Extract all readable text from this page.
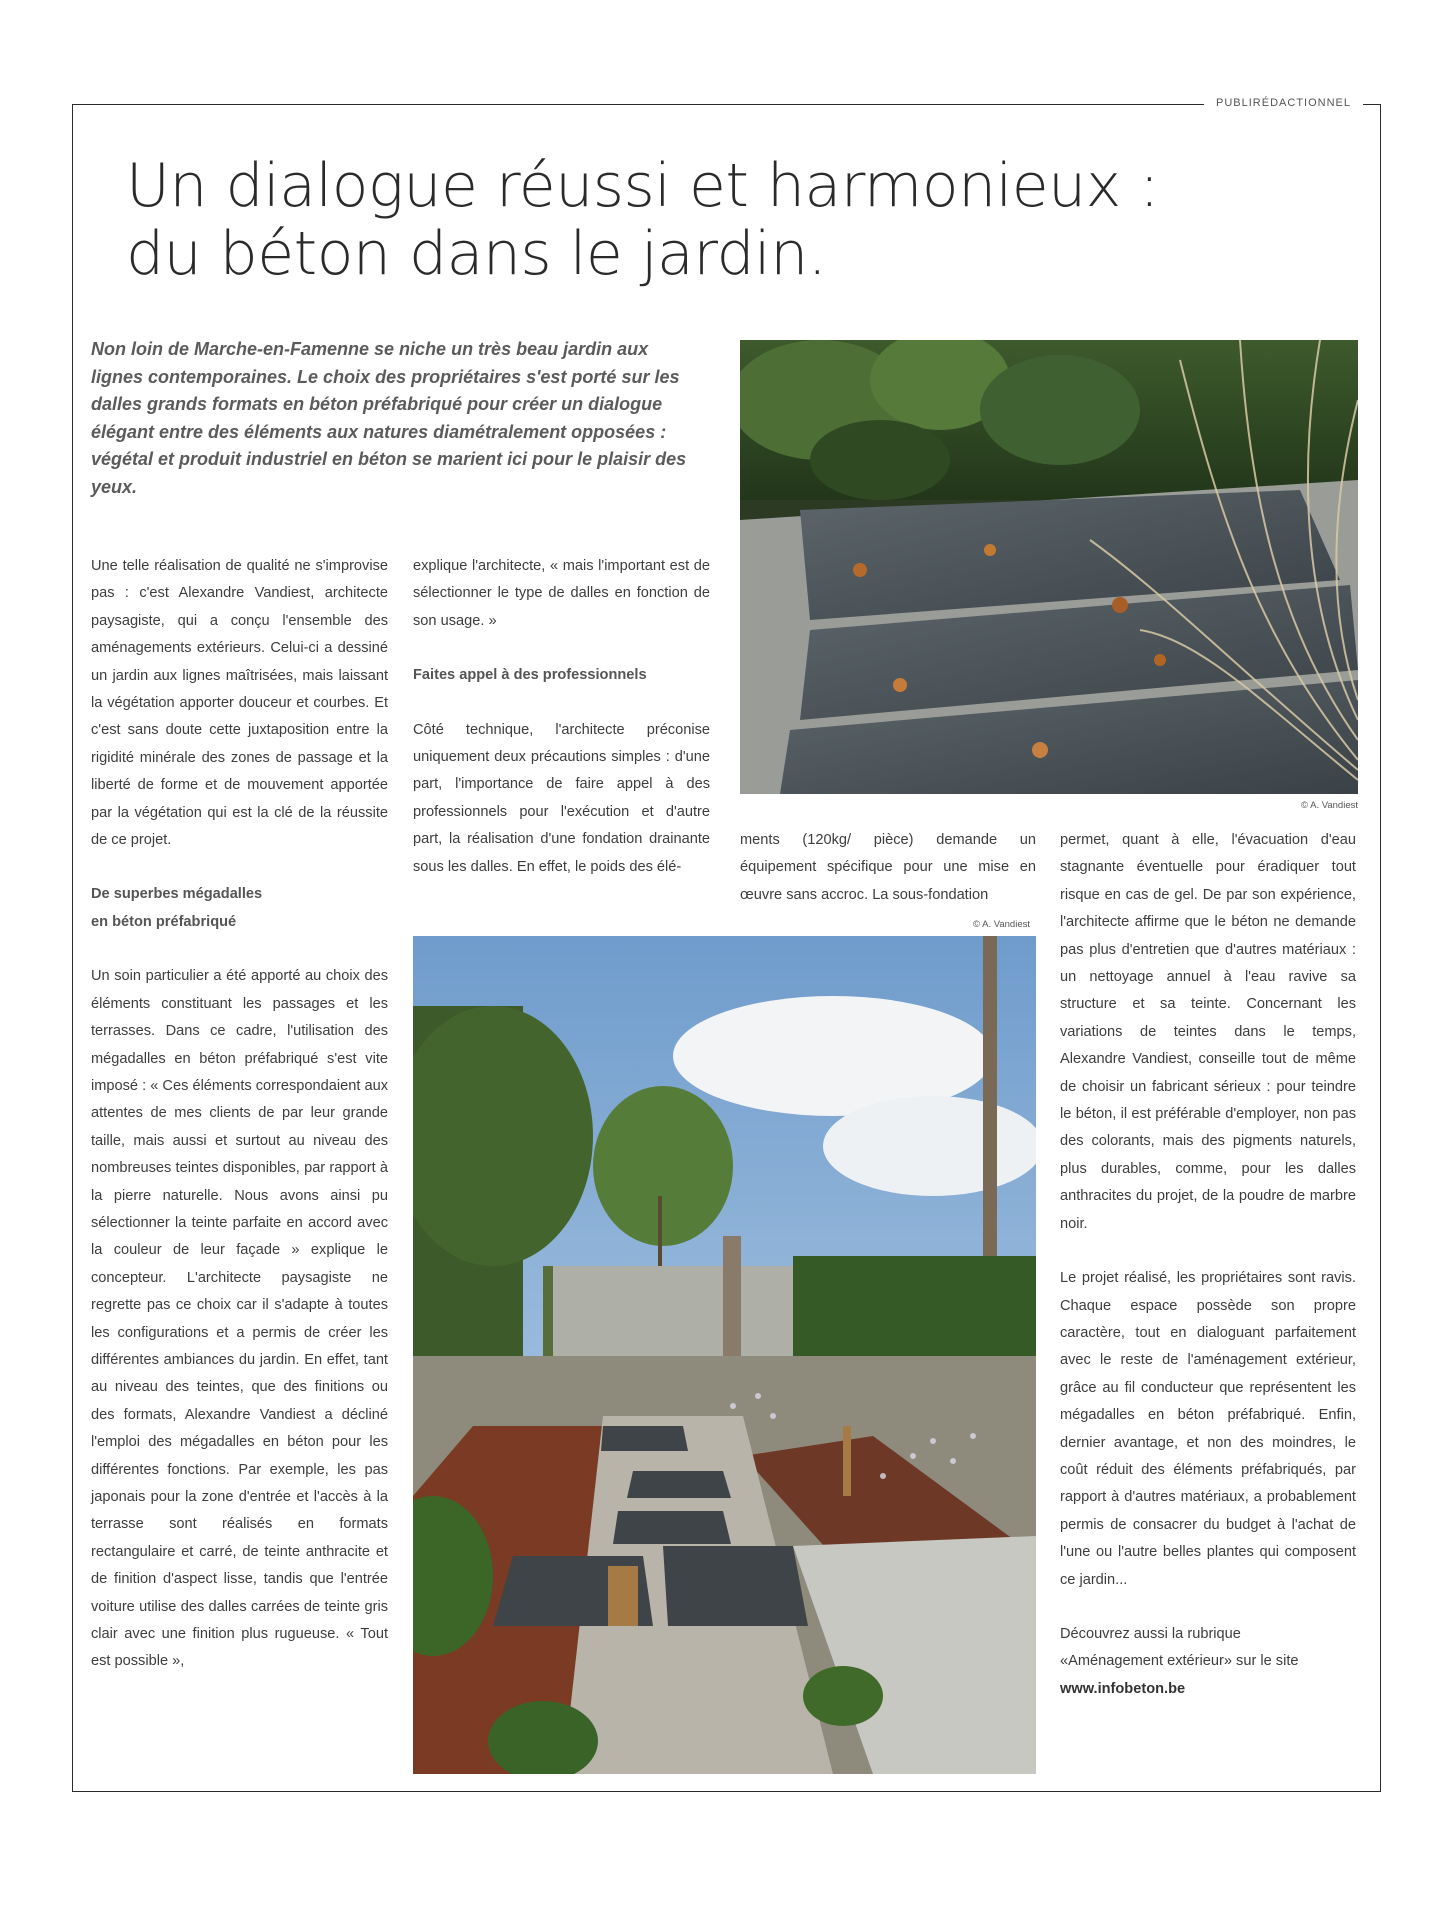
PUBLIRÉDACTIONNEL
Un dialogue réussi et harmonieux :
du béton dans le jardin.
Non loin de Marche-en-Famenne se niche un très beau jardin aux lignes contemporaines. Le choix des propriétaires s'est porté sur les dalles grands formats en béton préfabriqué pour créer un dialogue élégant entre des éléments aux natures diamétralement opposées : végétal et produit industriel en béton se marient ici pour le plaisir des yeux.
© A. Vandiest
© A. Vandiest

Une telle réalisation de qualité ne s'improvise pas : c'est Alexandre Vandiest, architecte paysagiste, qui a conçu l'ensemble des aménagements extérieurs. Celui-ci a dessiné un jardin aux lignes maîtrisées, mais laissant la végétation apporter douceur et courbes. Et c'est sans doute cette juxtaposition entre la rigidité minérale des zones de passage et la liberté de forme et de mouvement apportée par la végétation qui est la clé de la réussite de ce projet.

De superbes mégadalles
en béton préfabriqué

Un soin particulier a été apporté au choix des éléments constituant les passages et les terrasses. Dans ce cadre, l'utilisation des mégadalles en béton préfabriqué s'est vite imposé : « Ces éléments correspondaient aux attentes de mes clients de par leur grande taille, mais aussi et surtout au niveau des nombreuses teintes disponibles, par rapport à la pierre naturelle. Nous avons ainsi pu sélectionner la teinte parfaite en accord avec la couleur de leur façade » explique le concepteur. L'architecte paysagiste ne regrette pas ce choix car il s'adapte à toutes les configurations et a permis de créer les différentes ambiances du jardin. En effet, tant au niveau des teintes, que des finitions ou des formats, Alexandre Vandiest a décliné l'emploi des mégadalles en béton pour les différentes fonctions. Par exemple, les pas japonais pour la zone d'entrée et l'accès à la terrasse sont réalisés en formats rectangulaire et carré, de teinte anthracite et de finition d'aspect lisse, tandis que l'entrée voiture utilise des dalles carrées de teinte gris clair avec une finition plus rugueuse. « Tout est possible »,

explique l'architecte, « mais l'important est de sélectionner le type de dalles en fonction de son usage. »

Faites appel à des professionnels

Côté technique, l'architecte préconise uniquement deux précautions simples : d'une part, l'importance de faire appel à des professionnels pour l'exécution et d'autre part, la réalisation d'une fondation drainante sous les dalles. En effet, le poids des élé-

ments (120kg/ pièce) demande un équipement spécifique pour une mise en œuvre sans accroc. La sous-fondation

permet, quant à elle, l'évacuation d'eau stagnante éventuelle pour éradiquer tout risque en cas de gel. De par son expérience, l'architecte affirme que le béton ne demande pas plus d'entretien que d'autres matériaux : un nettoyage annuel à l'eau ravive sa structure et sa teinte. Concernant les variations de teintes dans le temps, Alexandre Vandiest, conseille tout de même de choisir un fabricant sérieux : pour teindre le béton, il est préférable d'employer, non pas des colorants, mais des pigments naturels, plus durables, comme, pour les dalles anthracites du projet, de la poudre de marbre noir.

Le projet réalisé, les propriétaires sont ravis. Chaque espace possède son propre caractère, tout en dialoguant parfaitement avec le reste de l'aménagement extérieur, grâce au fil conducteur que représentent les mégadalles en béton préfabriqué. Enfin, dernier avantage, et non des moindres, le coût réduit des éléments préfabriqués, par rapport à d'autres matériaux, a probablement permis de consacrer du budget à l'achat de l'une ou l'autre belles plantes qui composent ce jardin...

Découvrez aussi la rubrique
«Aménagement extérieur» sur le site
www.infobeton.be
